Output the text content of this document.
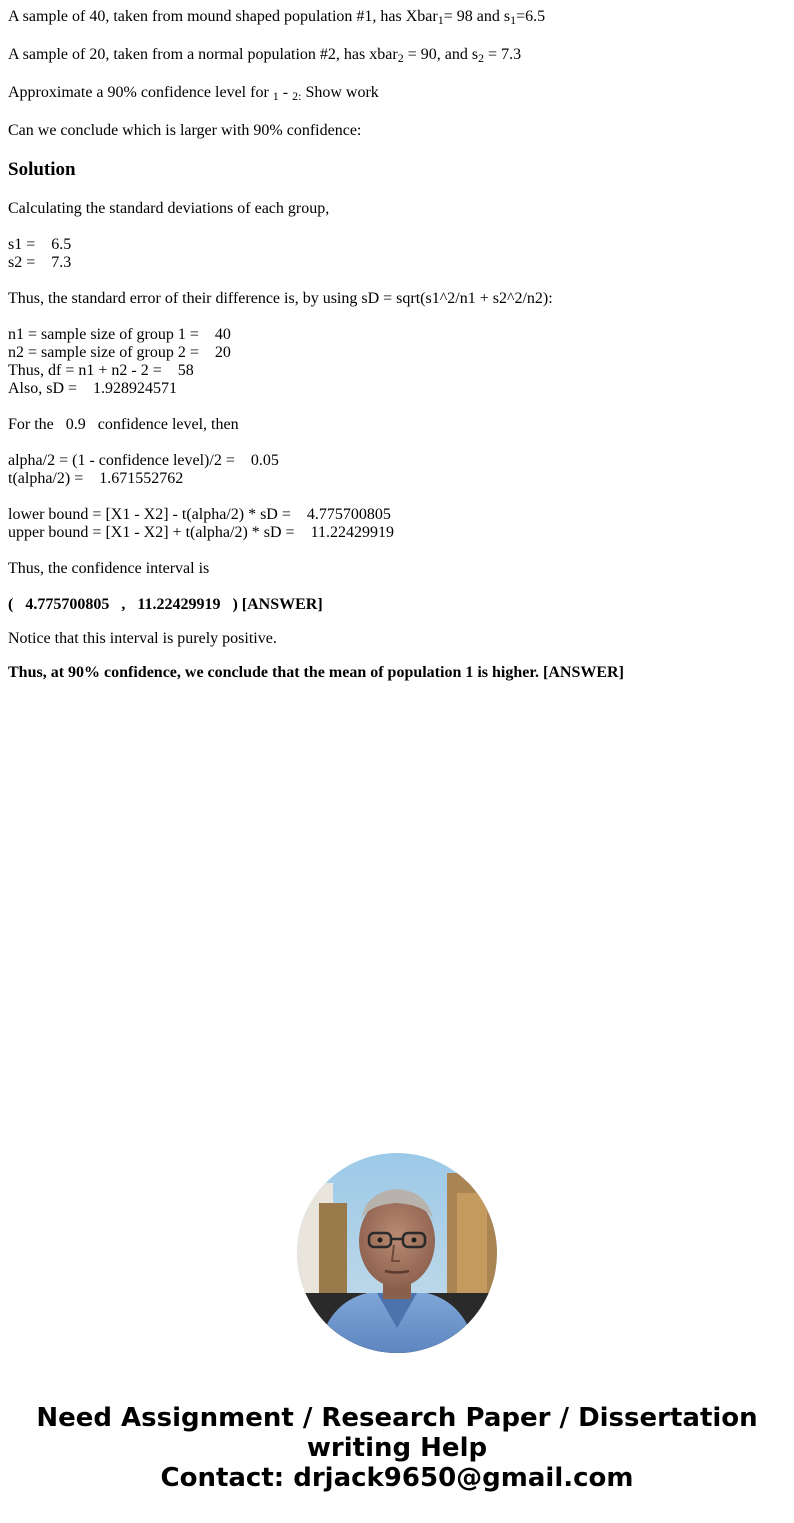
A sample of 40, taken from mound shaped population #1, has Xbar$_1$= 98 and $s_1=6.5$

A sample of 20, taken from a normal population #2, has xbar$_2$ = 90, and $s_2 = 7.3$

Approximate a 90% confidence level for $_1$ - $_{2:}$ Show work

Can we conclude which is larger with 90% confidence:

Solution

Calculating the standard deviations of each group,

s1 =    6.5

s2 =    7.3

Thus, the standard error of their difference is, by using sD = sqrt(s1^2/n1 + s2^2/n2):

n1 = sample size of group 1 =    40

n2 = sample size of group 2 =    20

Thus, df = n1 + n2 - 2 =    58

Also, sD =    1.928924571

For the   0.9   confidence level, then

alpha/2 = (1 - confidence level)/2 =    0.05

t(alpha/2) =    1.671552762

lower bound = [X1 - X2] - t(alpha/2) * sD =    4.775700805

upper bound = [X1 - X2] + t(alpha/2) * sD =    11.22429919

Thus, the confidence interval is

(   4.775700805   ,   11.22429919   ) [ANSWER]

Notice that this interval is purely positive.

Thus, at 90% confidence, we conclude that the mean of population 1 is higher. [ANSWER]

Need Assignment / Research Paper / Dissertation
writing Help
Contact: drjack9650@gmail.com
